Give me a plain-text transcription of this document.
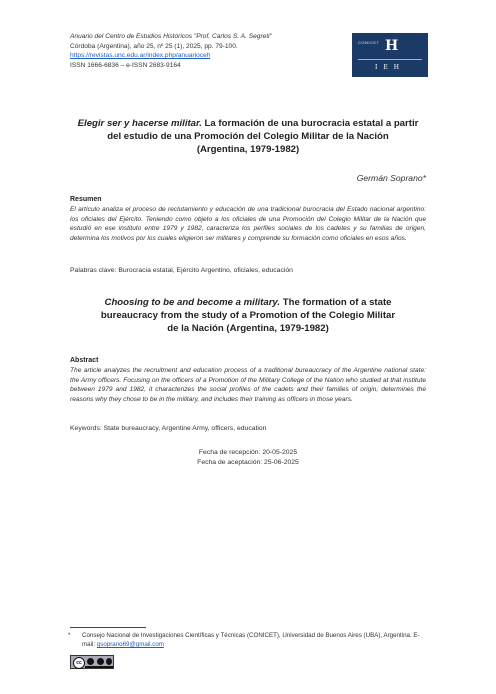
Anuario del Centro de Estudios Históricos "Prof. Carlos S. A. Segreti"
Córdoba (Argentina), año 25, nº 25 (1), 2025, pp. 79-100.
https://revistas.unc.edu.ar/index.php/anuarioceh
ISSN 1666-6836 – e-ISSN 2683-9164
CONICET H
IEH
Elegir ser y hacerse militar. La formación de una burocracia estatal a partir
del estudio de una Promoción del Colegio Militar de la Nación
(Argentina, 1979-1982)
Germán Soprano*
Resumen
El artículo analiza el proceso de reclutamiento y educación de una tradicional burocracia del Estado nacional argentino: los oficiales del Ejército. Teniendo como objeto a los oficiales de una Promoción del Colegio Militar de la Nación que estudió en ese instituto entre 1979 y 1982, caracteriza los perfiles sociales de los cadetes y su familias de origen, determina los motivos por los cuales eligieron ser militares y comprende su formación como oficiales en esos años.
Palabras clave: Burocracia estatal, Ejército Argentino, oficiales, educación
Choosing to be and become a military. The formation of a state
bureaucracy from the study of a Promotion of the Colegio Militar
de la Nación (Argentina, 1979-1982)
Abstract
The article analyzes the recruitment and education process of a traditional bureaucracy of the Argentine national state: the Army officers. Focusing on the officers of a Promotion of the Military College of the Nation who studied at that institute between 1979 and 1982, it characterizes the social profiles of the cadets and their families of origin, determines the reasons why they chose to be in the military, and includes their training as officers in those years.
Keywords: State bureaucracy, Argentine Army, officers, education
Fecha de recepción: 20-05-2025
Fecha de aceptación: 25-06-2025
* Consejo Nacional de Investigaciones Científicas y Técnicas (CONICET), Universidad de Buenos Aires (UBA), Argentina. E-mail: gsoprano69@gmail.com
cc
